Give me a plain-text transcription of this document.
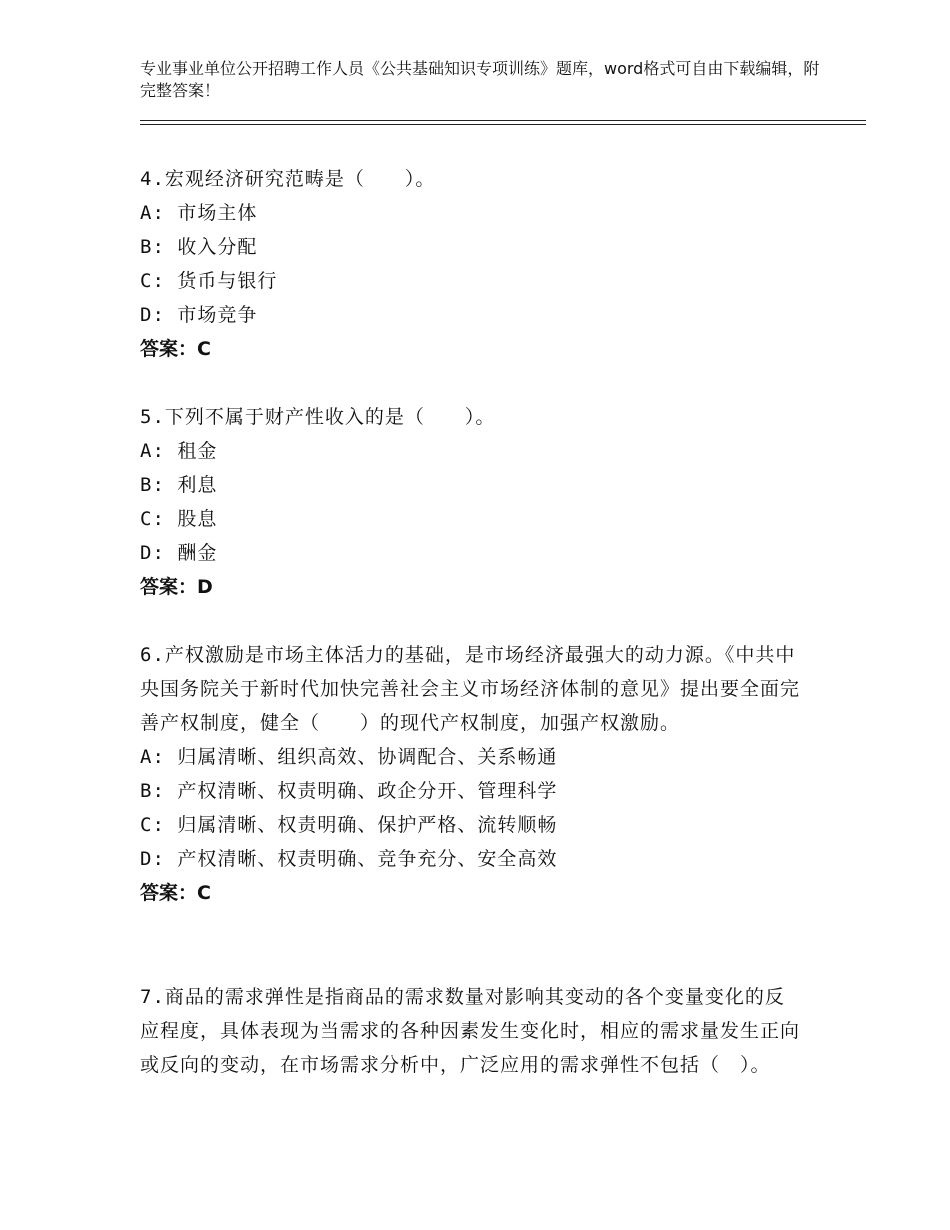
专业事业单位公开招聘工作人员《公共基础知识专项训练》题库，word格式可自由下载编辑，附完整答案！

4.宏观经济研究范畴是（　　）。

A: 市场主体

B: 收入分配

C: 货币与银行

D: 市场竞争

答案：C

5.下列不属于财产性收入的是（　　）。

A: 租金

B: 利息

C: 股息

D: 酬金

答案：D

6.产权激励是市场主体活力的基础，是市场经济最强大的动力源。《中共中央国务院关于新时代加快完善社会主义市场经济体制的意见》提出要全面完善产权制度，健全（　　）的现代产权制度，加强产权激励。

A: 归属清晰、组织高效、协调配合、关系畅通

B: 产权清晰、权责明确、政企分开、管理科学

C: 归属清晰、权责明确、保护严格、流转顺畅

D: 产权清晰、权责明确、竞争充分、安全高效

答案：C

7.商品的需求弹性是指商品的需求数量对影响其变动的各个变量变化的反应程度，具体表现为当需求的各种因素发生变化时，相应的需求量发生正向或反向的变动，在市场需求分析中，广泛应用的需求弹性不包括（　）。
